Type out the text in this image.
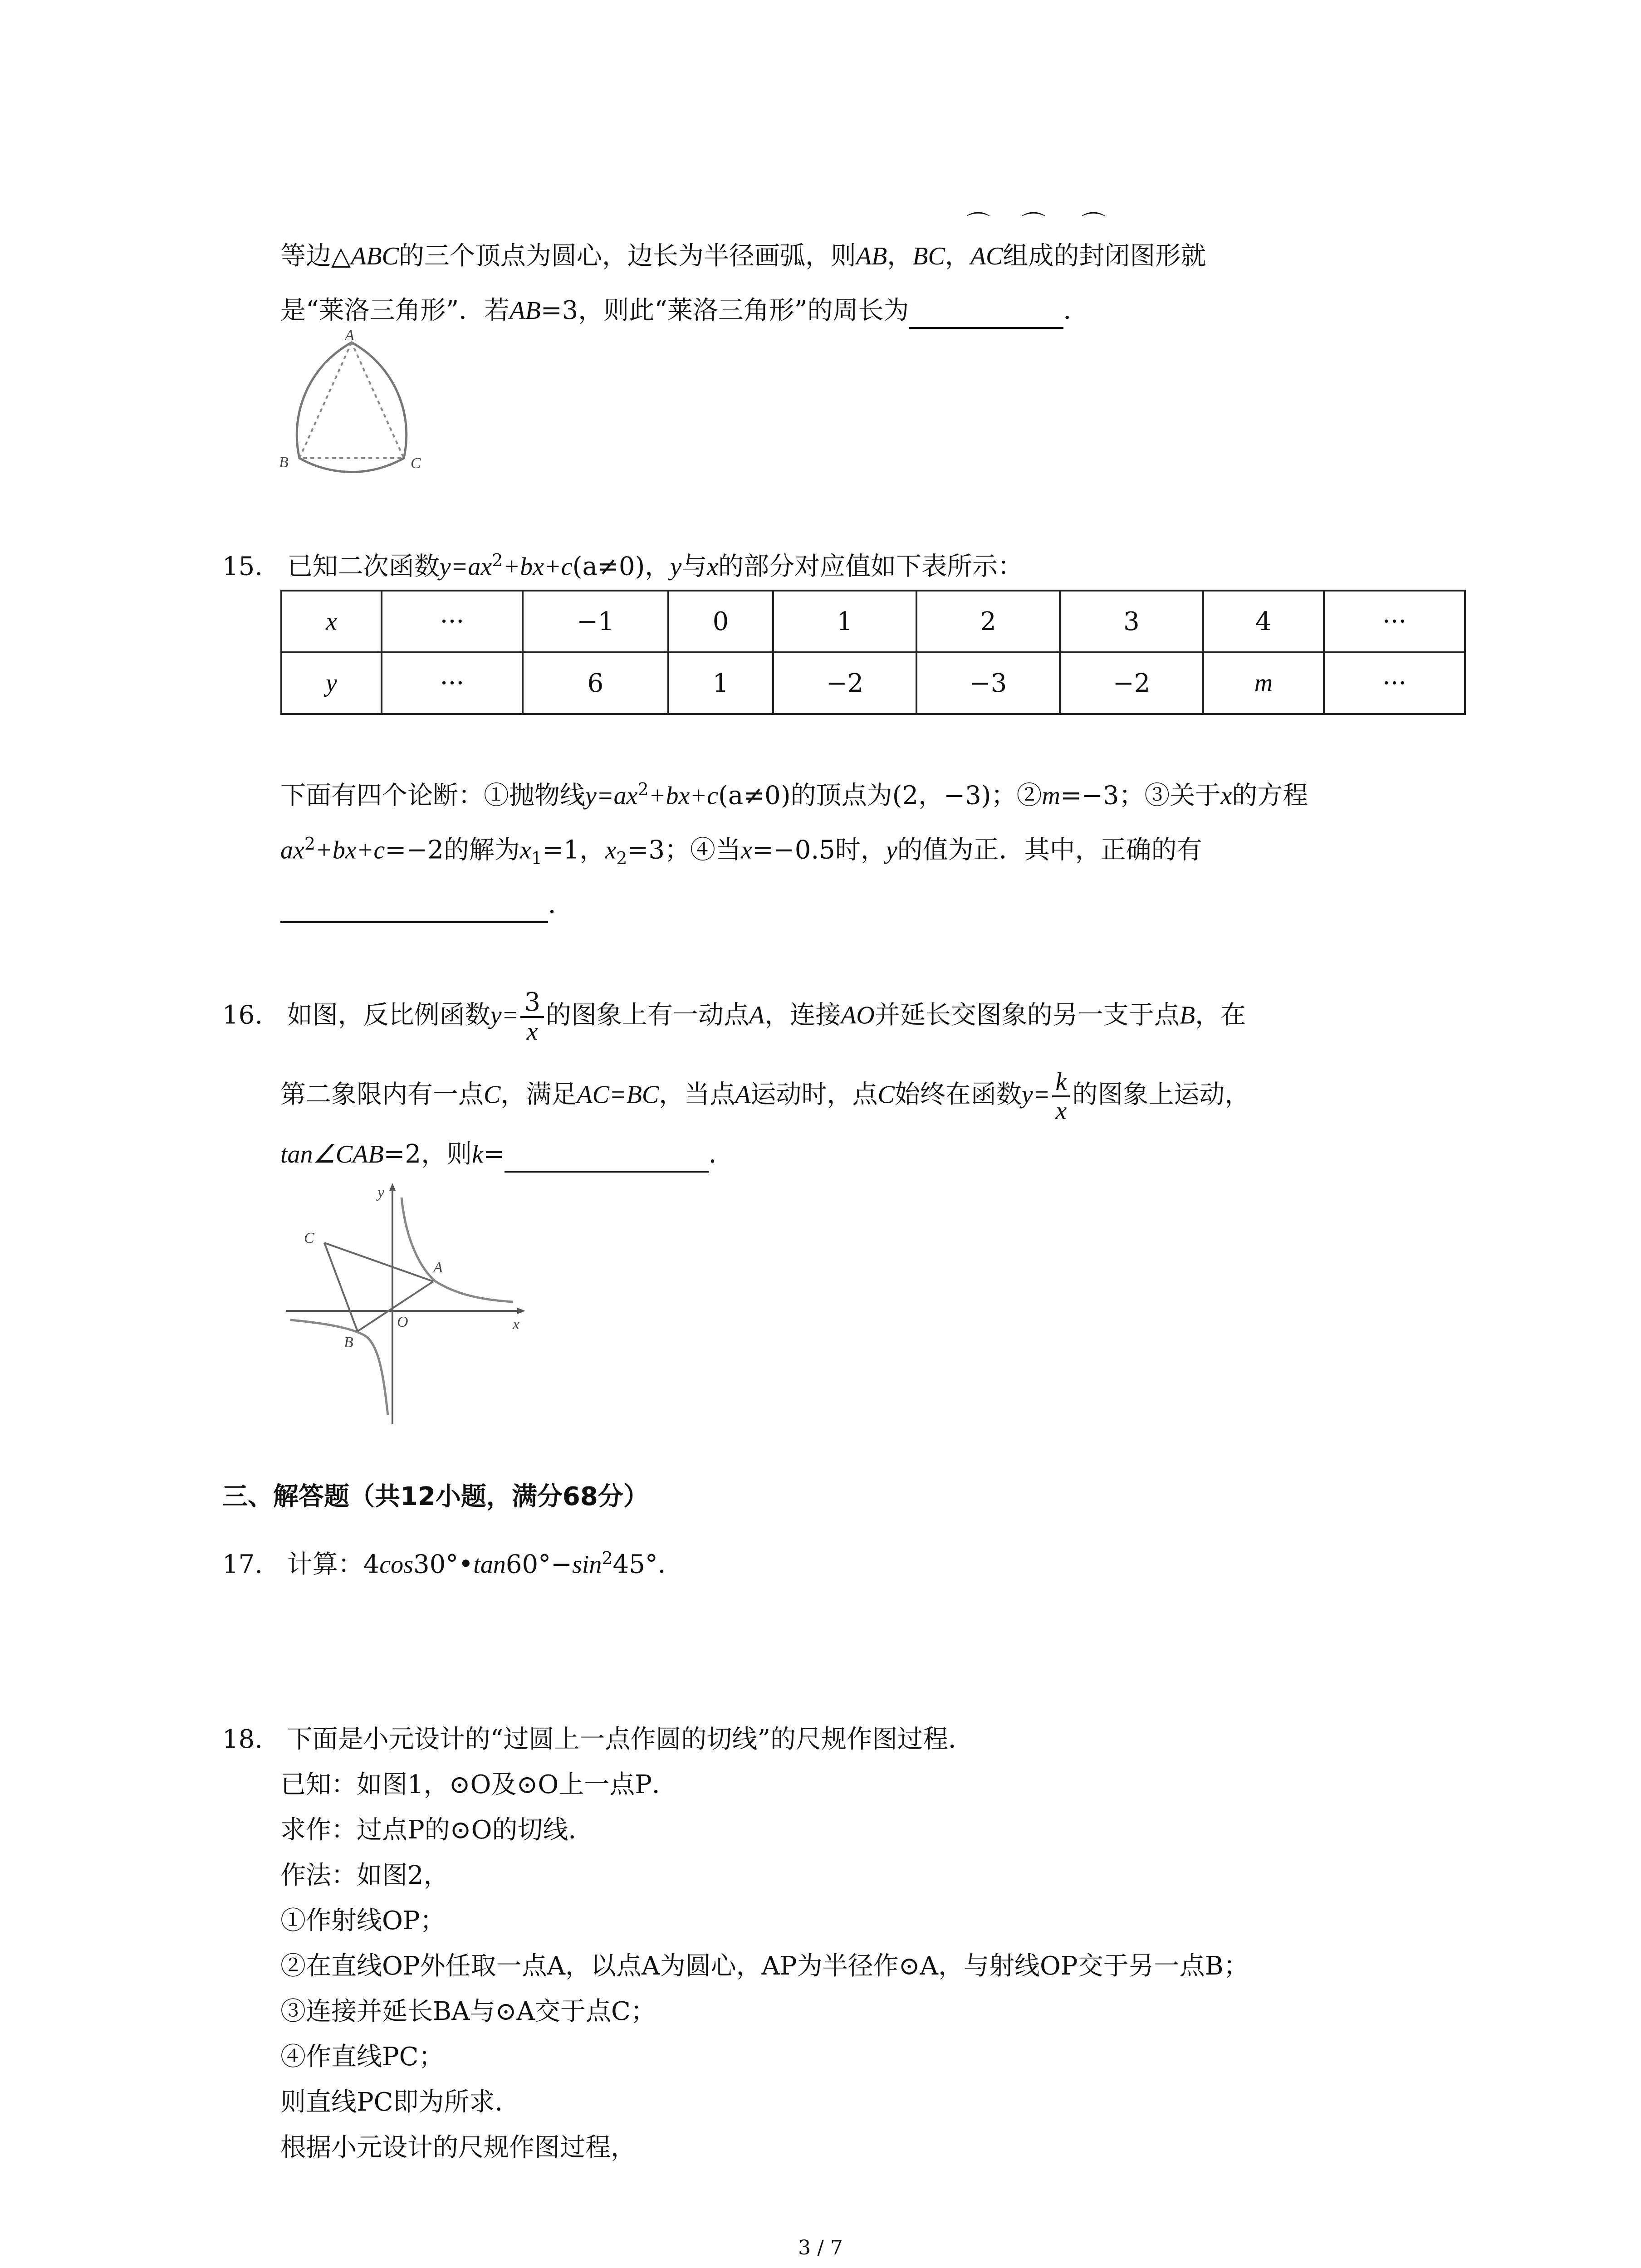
⌒ ⌒ ⌒
等边△ABC的三个顶点为圆心，边长为半径画弧，则AB，BC，AC组成的封闭图形就
是“莱洛三角形”．若AB=3，则此“莱洛三角形”的周长为	．
A
B	C
15. 已知二次函数$y=ax^2+bx+c(a\ne 0)$，y与x的部分对应值如下表所示：
x	···	−1	0	1	2	3	4	···
y	···	6	1	−2	−3	−2	m	···
下面有四个论断：①抛物线$y=ax^2+bx+c(a\ne 0)$的顶点为(2，−3)；②m=−3；③关于x的方程
$ax^2+bx+c=-2$的解为$x_1=1$，$x_2=3$；④当x=−0.5时，y的值为正．其中，正确的有
．
16. 如图，反比例函数$y= \frac{3}{x}$ 的图象上有一动点A，连接AO并延长交图象的另一支于点B，在
第二象限内有一点C，满足AC=BC，当点A运动时，点C始终在函数$y= \frac{k}{x}$ 的图象上运动，
tan∠CAB=2，则k=	．
y
x
C
A
O
B
三、解答题（共12小题，满分68分）
17. 计算：$4\cos 30^\circ•\tan 60^\circ-\sin^245^\circ$．
18. 下面是小元设计的“过圆上一点作圆的切线”的尺规作图过程．
已知：如图1，⊙O及⊙O上一点P．
求作：过点P的⊙O的切线．
作法：如图2，
①作射线OP；
②在直线OP外任取一点A，以点A为圆心，AP为半径作⊙A，与射线OP交于另一点B；
③连接并延长BA与⊙A交于点C；
④作直线PC；
则直线PC即为所求．
根据小元设计的尺规作图过程，
3 / 7
